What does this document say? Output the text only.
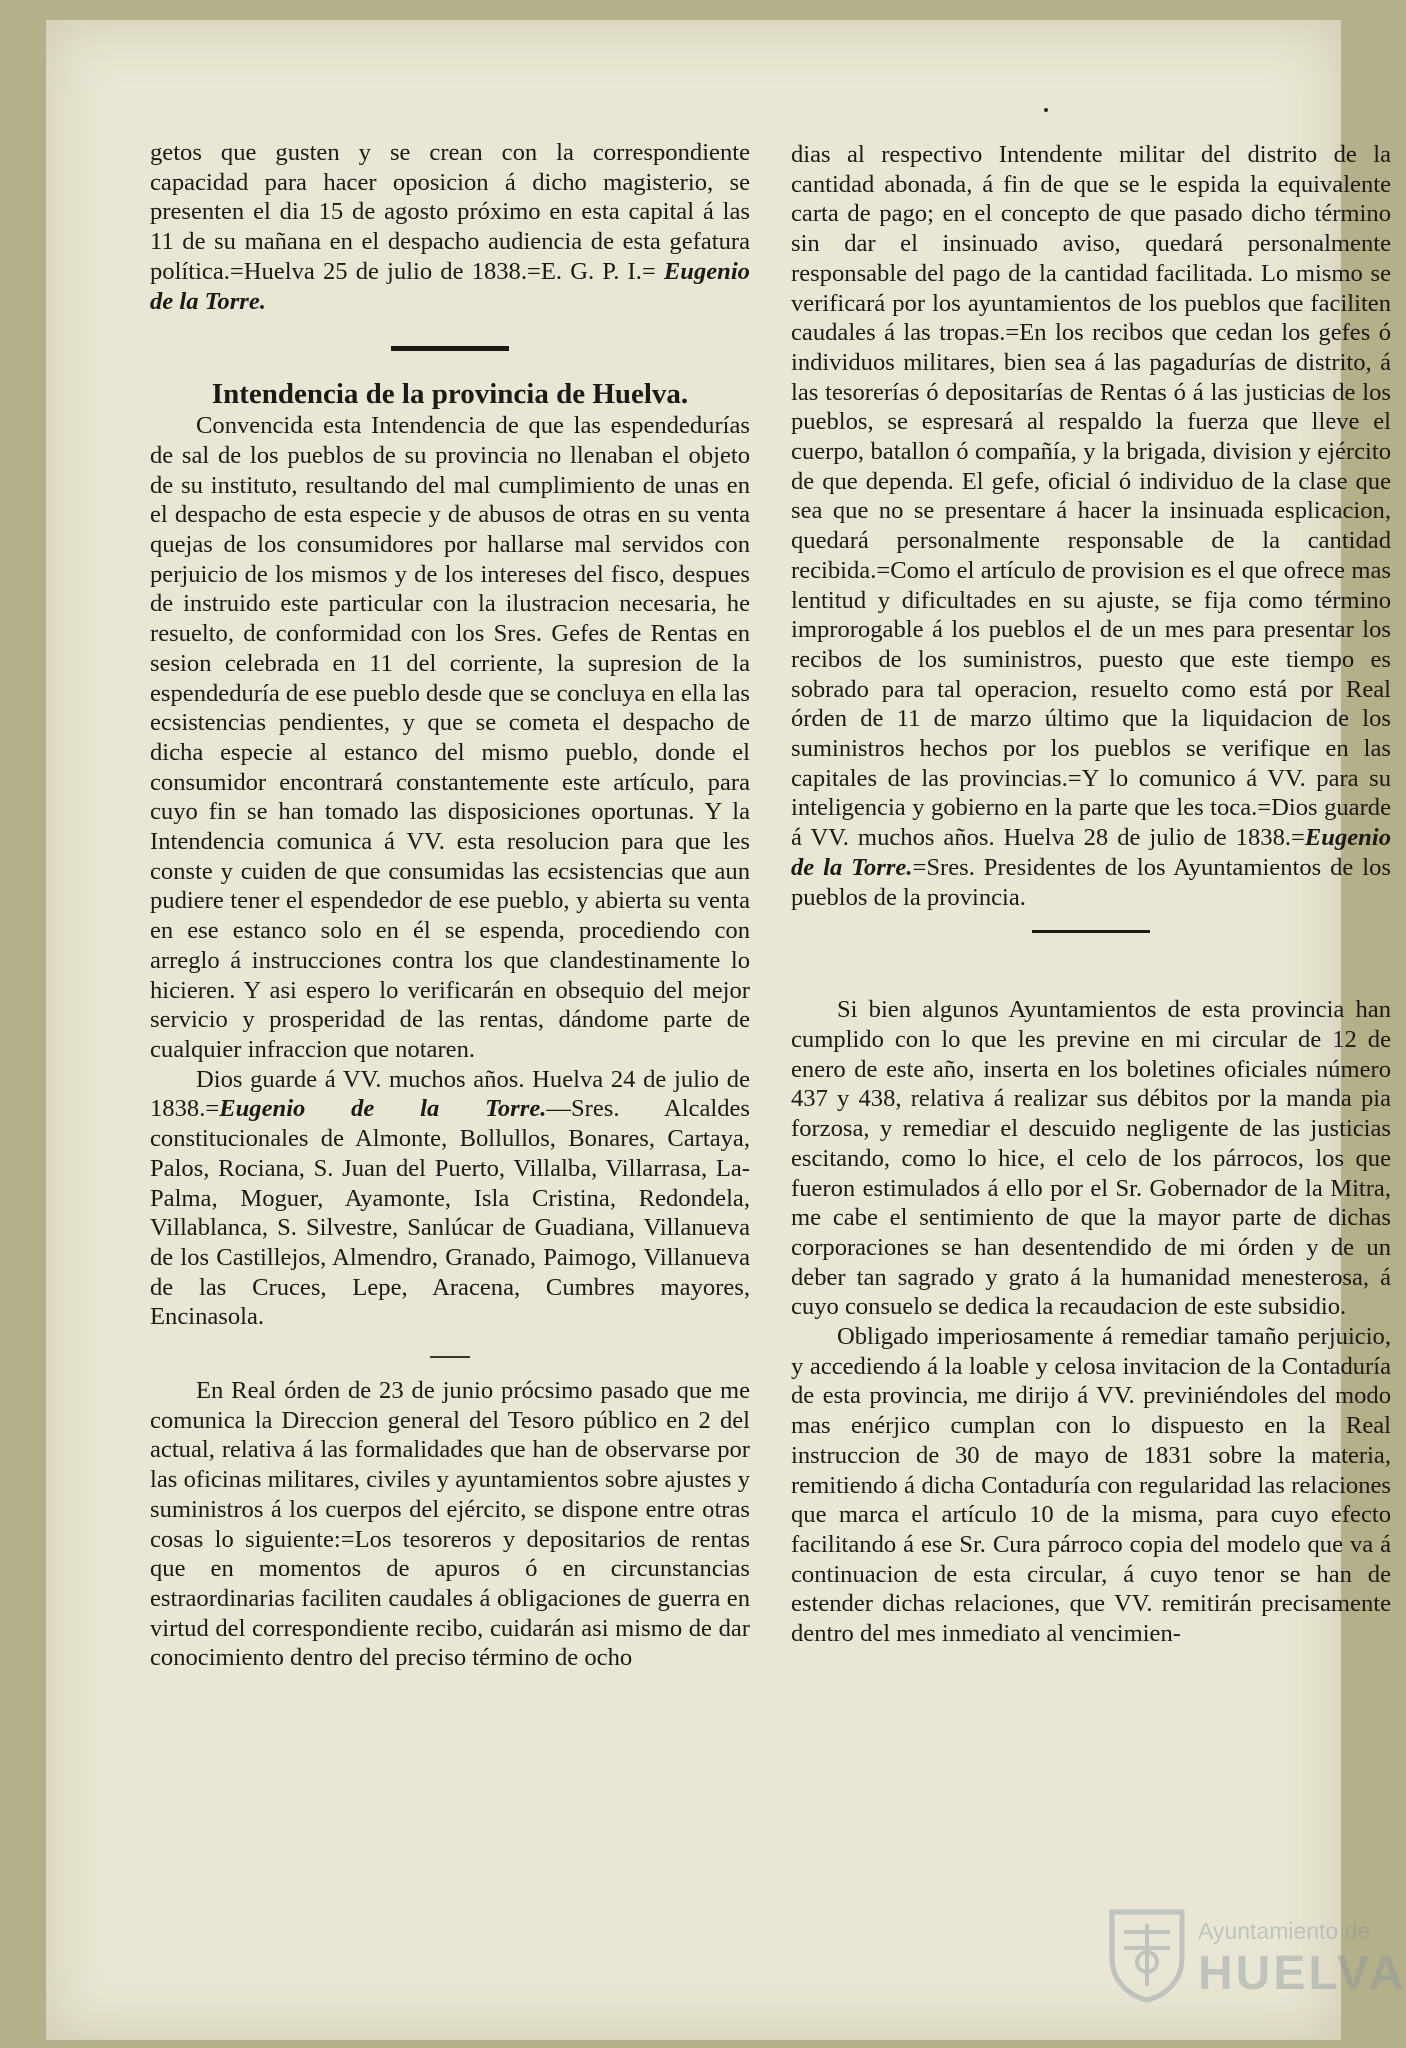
getos que gusten y se crean con la correspondiente capacidad para hacer oposicion á dicho magisterio, se presenten el dia 15 de agosto próximo en esta capital á las 11 de su mañana en el despacho audiencia de esta gefatura política.=Huelva 25 de julio de 1838.=E. G. P. I.= Eugenio de la Torre.

Intendencia de la provincia de Huelva.

Convencida esta Intendencia de que las espendedurías de sal de los pueblos de su provincia no llenaban el objeto de su instituto, resultando del mal cumplimiento de unas en el despacho de esta especie y de abusos de otras en su venta quejas de los consumidores por hallarse mal servidos con perjuicio de los mismos y de los intereses del fisco, despues de instruido este particular con la ilustracion necesaria, he resuelto, de conformidad con los Sres. Gefes de Rentas en sesion celebrada en 11 del corriente, la supresion de la espendeduría de ese pueblo desde que se concluya en ella las ecsistencias pendientes, y que se cometa el despacho de dicha especie al estanco del mismo pueblo, donde el consumidor encontrará constantemente este artículo, para cuyo fin se han tomado las disposiciones oportunas. Y la Intendencia comunica á VV. esta resolucion para que les conste y cuiden de que consumidas las ecsistencias que aun pudiere tener el espendedor de ese pueblo, y abierta su venta en ese estanco solo en él se espenda, procediendo con arreglo á instrucciones contra los que clandestinamente lo hicieren. Y asi espero lo verificarán en obsequio del mejor servicio y prosperidad de las rentas, dándome parte de cualquier infraccion que notaren.

Dios guarde á VV. muchos años. Huelva 24 de julio de 1838.=Eugenio de la Torre.—Sres. Alcaldes constitucionales de Almonte, Bollullos, Bonares, Cartaya, Palos, Rociana, S. Juan del Puerto, Villalba, Villarrasa, La-Palma, Moguer, Ayamonte, Isla Cristina, Redondela, Villablanca, S. Silvestre, Sanlúcar de Guadiana, Villanueva de los Castillejos, Almendro, Granado, Paimogo, Villanueva de las Cruces, Lepe, Aracena, Cumbres mayores, Encinasola.

En Real órden de 23 de junio prócsimo pasado que me comunica la Direccion general del Tesoro público en 2 del actual, relativa á las formalidades que han de observarse por las oficinas militares, civiles y ayuntamientos sobre ajustes y suministros á los cuerpos del ejército, se dispone entre otras cosas lo siguiente:=Los tesoreros y depositarios de rentas que en momentos de apuros ó en circunstancias estraordinarias faciliten caudales á obligaciones de guerra en virtud del correspondiente recibo, cuidarán asi mismo de dar conocimiento dentro del preciso término de ocho

dias al respectivo Intendente militar del distrito de la cantidad abonada, á fin de que se le espida la equivalente carta de pago; en el concepto de que pasado dicho término sin dar el insinuado aviso, quedará personalmente responsable del pago de la cantidad facilitada. Lo mismo se verificará por los ayuntamientos de los pueblos que faciliten caudales á las tropas.=En los recibos que cedan los gefes ó individuos militares, bien sea á las pagadurías de distrito, á las tesorerías ó depositarías de Rentas ó á las justicias de los pueblos, se espresará al respaldo la fuerza que lleve el cuerpo, batallon ó compañía, y la brigada, division y ejército de que dependa. El gefe, oficial ó individuo de la clase que sea que no se presentare á hacer la insinuada esplicacion, quedará personalmente responsable de la cantidad recibida.=Como el artículo de provision es el que ofrece mas lentitud y dificultades en su ajuste, se fija como término improrogable á los pueblos el de un mes para presentar los recibos de los suministros, puesto que este tiempo es sobrado para tal operacion, resuelto como está por Real órden de 11 de marzo último que la liquidacion de los suministros hechos por los pueblos se verifique en las capitales de las provincias.=Y lo comunico á VV. para su inteligencia y gobierno en la parte que les toca.=Dios guarde á VV. muchos años. Huelva 28 de julio de 1838.=Eugenio de la Torre.=Sres. Presidentes de los Ayuntamientos de los pueblos de la provincia.

Si bien algunos Ayuntamientos de esta provincia han cumplido con lo que les previne en mi circular de 12 de enero de este año, inserta en los boletines oficiales número 437 y 438, relativa á realizar sus débitos por la manda pia forzosa, y remediar el descuido negligente de las justicias escitando, como lo hice, el celo de los párrocos, los que fueron estimulados á ello por el Sr. Gobernador de la Mitra, me cabe el sentimiento de que la mayor parte de dichas corporaciones se han desentendido de mi órden y de un deber tan sagrado y grato á la humanidad menesterosa, á cuyo consuelo se dedica la recaudacion de este subsidio.

Obligado imperiosamente á remediar tamaño perjuicio, y accediendo á la loable y celosa invitacion de la Contaduría de esta provincia, me dirijo á VV. previniéndoles del modo mas enérjico cumplan con lo dispuesto en la Real instruccion de 30 de mayo de 1831 sobre la materia, remitiendo á dicha Contaduría con regularidad las relaciones que marca el artículo 10 de la misma, para cuyo efecto facilitando á ese Sr. Cura párroco copia del modelo que va á continuacion de esta circular, á cuyo tenor se han de estender dichas relaciones, que VV. remitirán precisamente dentro del mes inmediato al vencimien-

Ayuntamiento de
HUELVA
